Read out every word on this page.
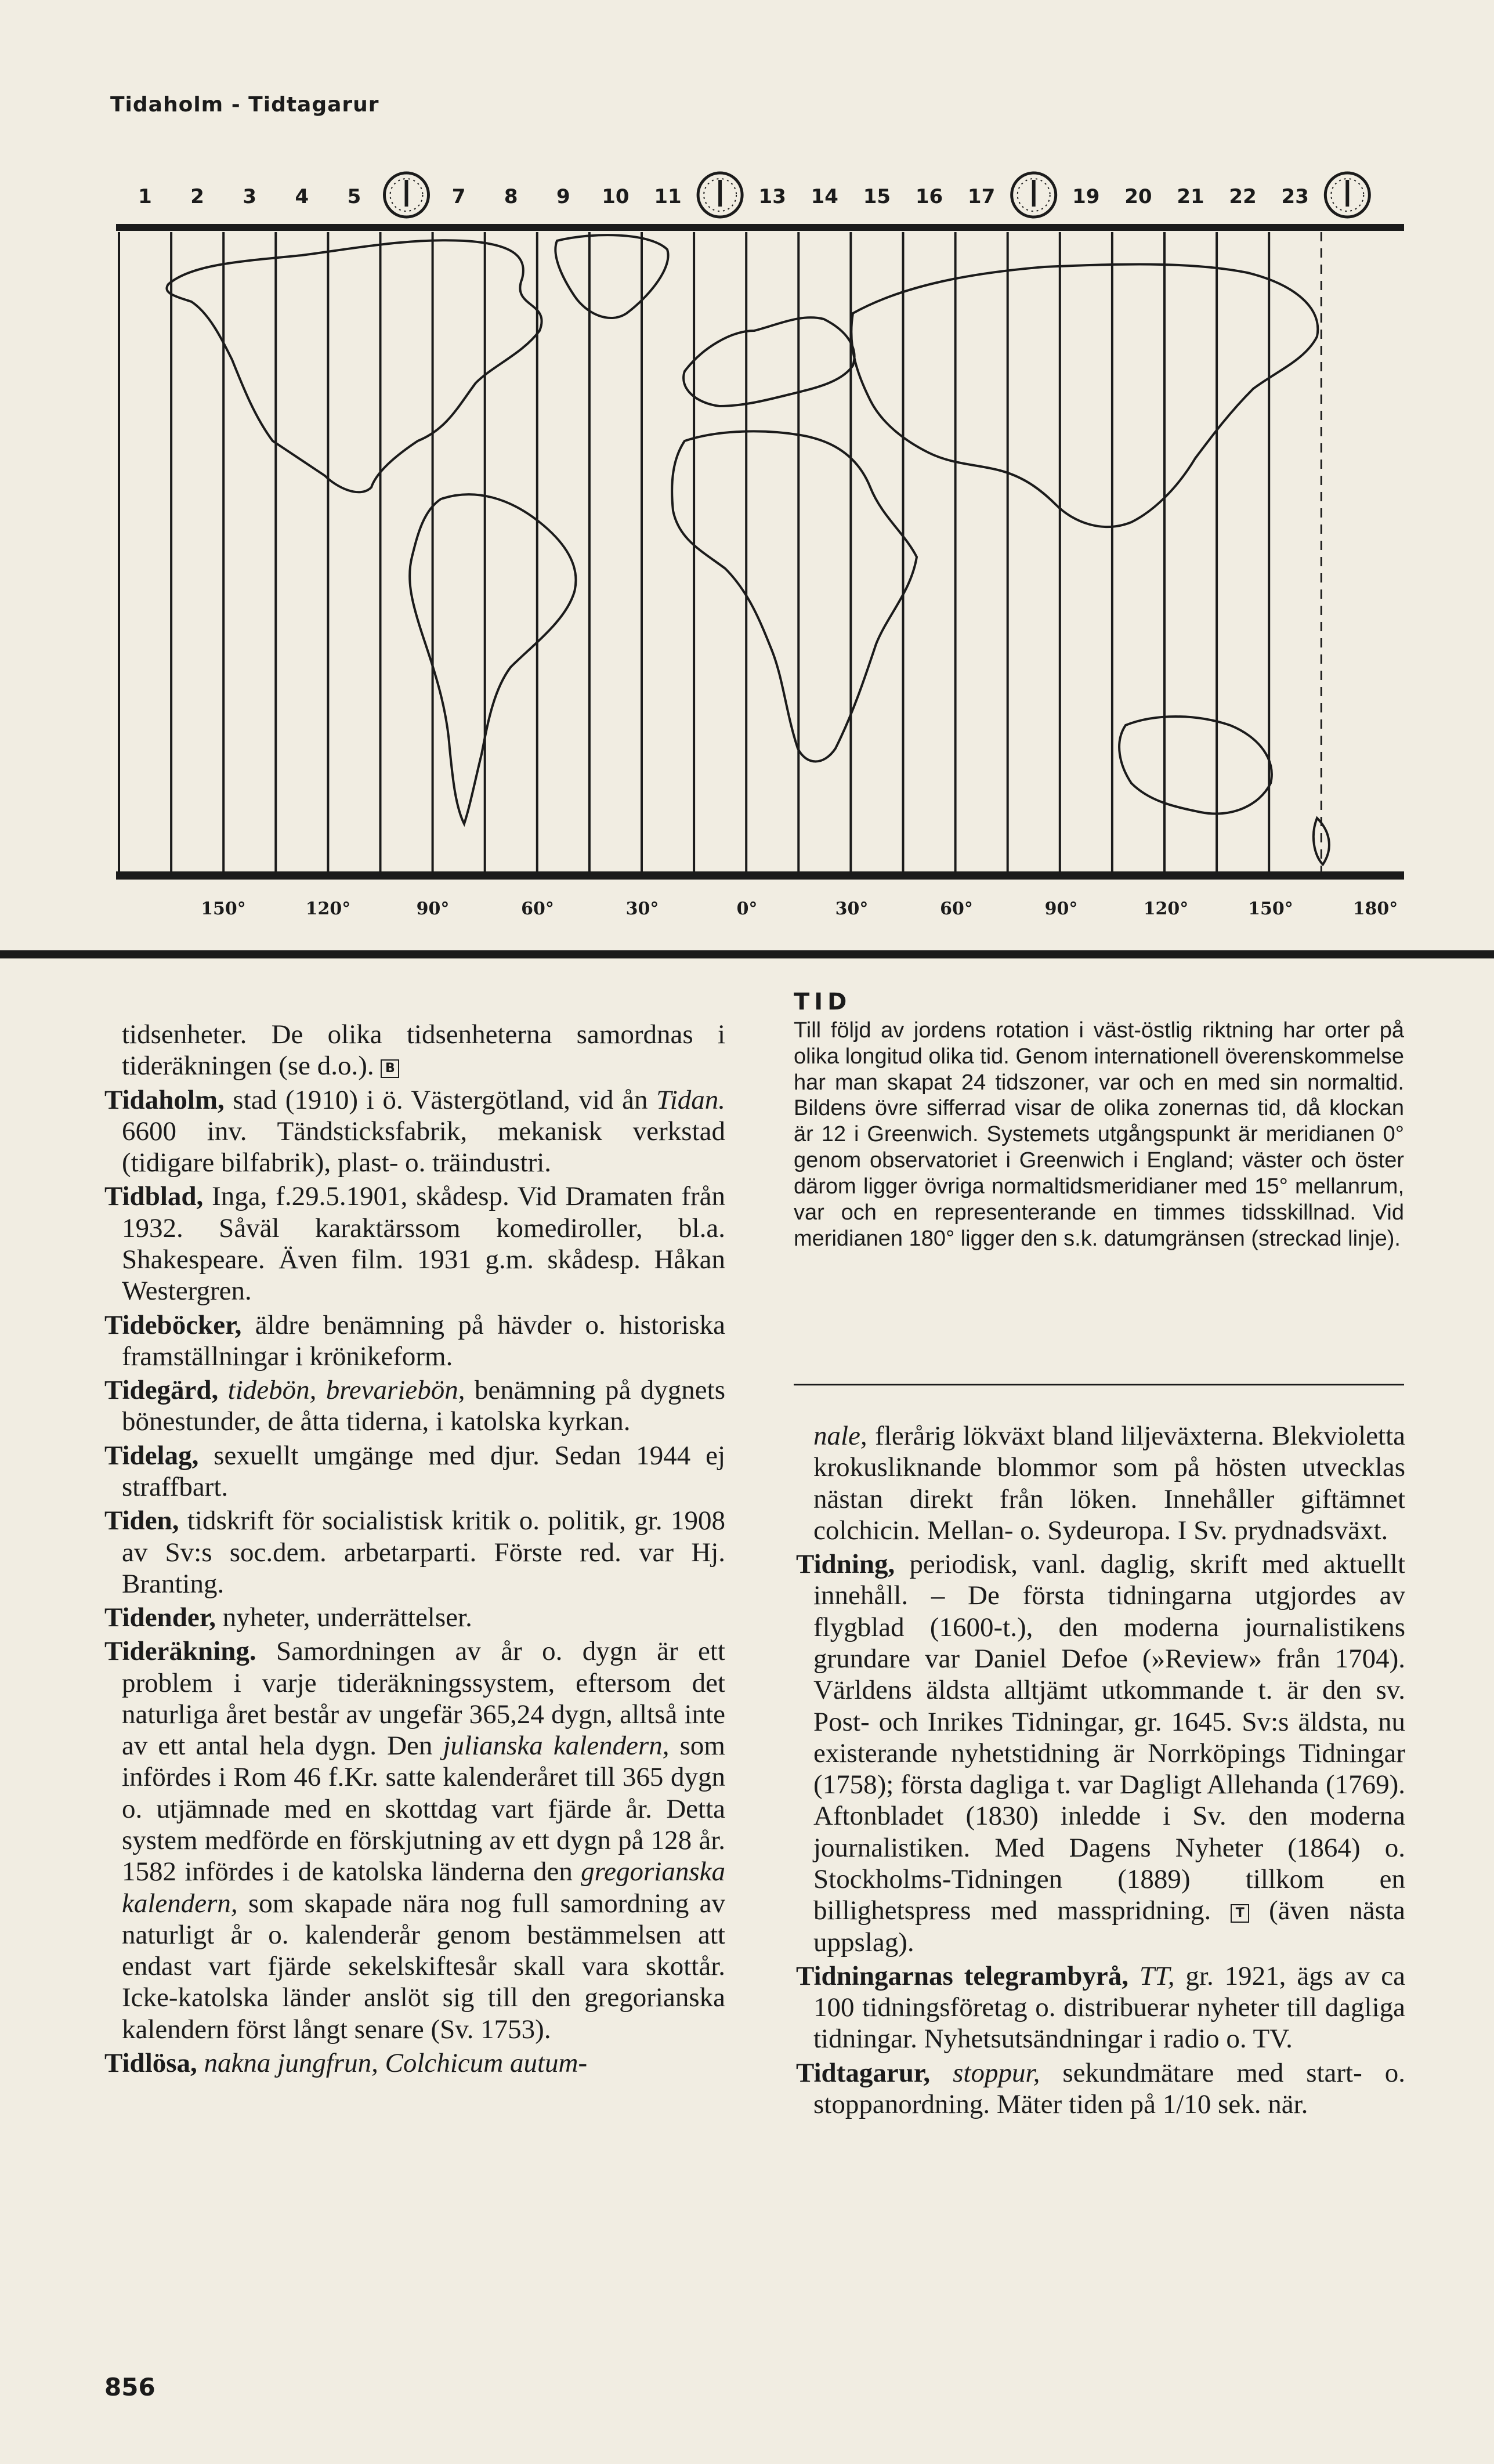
Tidaholm - Tidtagarur
1 2 3 4 5	7 8 9 10 11	13 14 15 16 17	19 20 21 22 23
150°	120°	90°	60°	30°	0°	30°	60°	90°	120°	150°	180°
TID
Till följd av jordens rotation i väst-östlig riktning har orter på olika longitud olika tid. Genom internationell överenskommelse har man skapat 24 tidszoner, var och en med sin normaltid. Bildens övre sifferrad visar de olika zonernas tid, då klockan är 12 i Greenwich. Systemets utgångspunkt är meridianen 0° genom observatoriet i Greenwich i England; väster och öster därom ligger övriga normaltidsmeridianer med 15° mellanrum, var och en representerande en timmes tidsskillnad. Vid meridianen 180° ligger den s.k. datumgränsen (streckad linje).
tidsenheter. De olika tidsenheterna samordnas i tideräkningen (se d.o.). B
Tidaholm, stad (1910) i ö. Västergötland, vid ån Tidan. 6600 inv. Tändsticksfabrik, mekanisk verkstad (tidigare bilfabrik), plast- o. träindustri.
Tidblad, Inga, f.29.5.1901, skådesp. Vid Dramaten från 1932. Såväl karaktärssom komediroller, bl.a. Shakespeare. Även film. 1931 g.m. skådesp. Håkan Westergren.
Tideböcker, äldre benämning på hävder o. historiska framställningar i krönikeform.
Tidegärd, tidebön, brevariebön, benämning på dygnets bönestunder, de åtta tiderna, i katolska kyrkan.
Tidelag, sexuellt umgänge med djur. Sedan 1944 ej straffbart.
Tiden, tidskrift för socialistisk kritik o. politik, gr. 1908 av Sv:s soc.dem. arbetarparti. Förste red. var Hj. Branting.
Tidender, nyheter, underrättelser.
Tideräkning. Samordningen av år o. dygn är ett problem i varje tideräkningssystem, eftersom det naturliga året består av ungefär 365,24 dygn, alltså inte av ett antal hela dygn. Den julianska kalendern, som infördes i Rom 46 f.Kr. satte kalenderåret till 365 dygn o. utjämnade med en skottdag vart fjärde år. Detta system medförde en förskjutning av ett dygn på 128 år. 1582 infördes i de katolska länderna den gregorianska kalendern, som skapade nära nog full samordning av naturligt år o. kalenderår genom bestämmelsen att endast vart fjärde sekelskiftesår skall vara skottår. Icke-katolska länder anslöt sig till den gregorianska kalendern först långt senare (Sv. 1753).
Tidlösa, nakna jungfrun, Colchicum autum-
nale, flerårig lökväxt bland liljeväxterna. Blekvioletta krokusliknande blommor som på hösten utvecklas nästan direkt från löken. Innehåller giftämnet colchicin. Mellan- o. Sydeuropa. I Sv. prydnadsväxt.
Tidning, periodisk, vanl. daglig, skrift med aktuellt innehåll. – De första tidningarna utgjordes av flygblad (1600-t.), den moderna journalistikens grundare var Daniel Defoe (»Review» från 1704). Världens äldsta alltjämt utkommande t. är den sv. Post- och Inrikes Tidningar, gr. 1645. Sv:s äldsta, nu existerande nyhetstidning är Norrköpings Tidningar (1758); första dagliga t. var Dagligt Allehanda (1769). Aftonbladet (1830) inledde i Sv. den moderna journalistiken. Med Dagens Nyheter (1864) o. Stockholms-Tidningen (1889) tillkom en billighetspress med masspridning. T (även nästa uppslag).
Tidningarnas telegrambyrå, TT, gr. 1921, ägs av ca 100 tidningsföretag o. distribuerar nyheter till dagliga tidningar. Nyhetsutsändningar i radio o. TV.
Tidtagarur, stoppur, sekundmätare med start- o. stoppanordning. Mäter tiden på 1/10 sek. när.
856
